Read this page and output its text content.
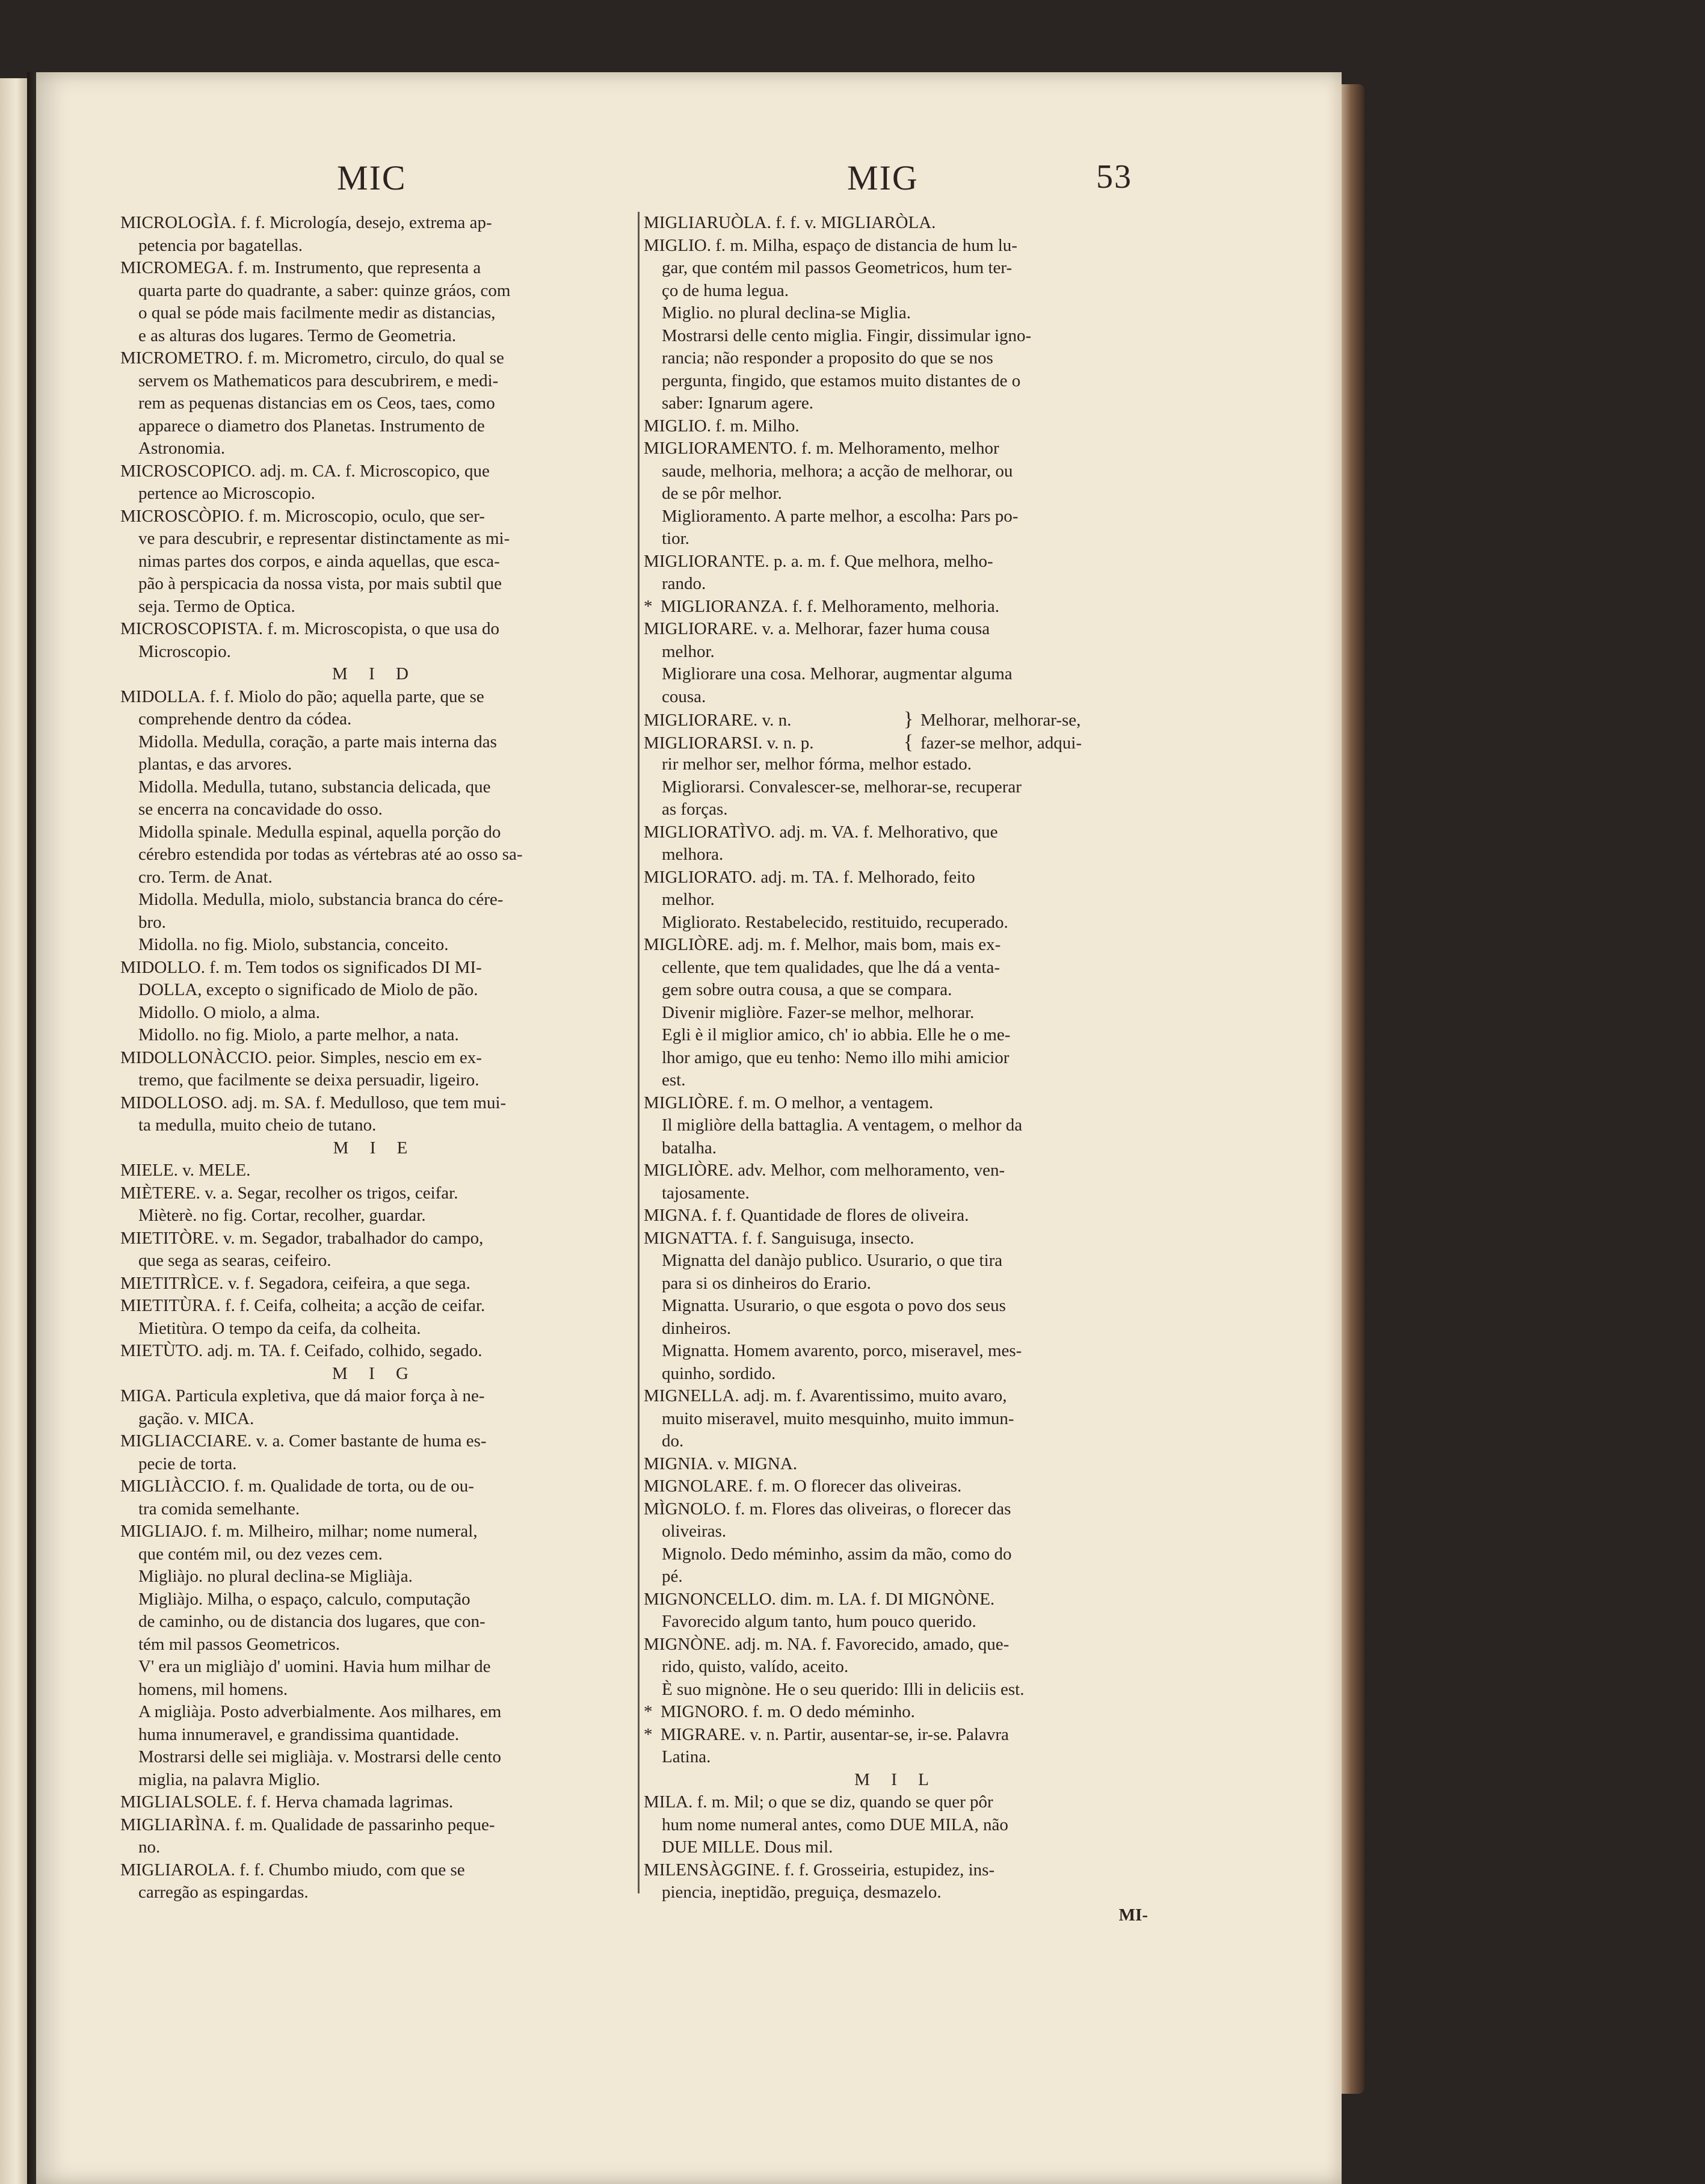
MIC	MIG	53
MICROLOGÌA. f. f. Micrología, desejo, extrema ap-
petencia por bagatellas.
MICROMEGA. f. m. Instrumento, que representa a
quarta parte do quadrante, a saber: quinze gráos, com
o qual se póde mais facilmente medir as distancias,
e as alturas dos lugares. Termo de Geometria.
MICROMETRO. f. m. Micrometro, circulo, do qual se
servem os Mathematicos para descubrirem, e medi-
rem as pequenas distancias em os Ceos, taes, como
apparece o diametro dos Planetas. Instrumento de
Astronomia.
MICROSCOPICO. adj. m. CA. f. Microscopico, que
pertence ao Microscopio.
MICROSCÒPIO. f. m. Microscopio, oculo, que ser-
ve para descubrir, e representar distinctamente as mi-
nimas partes dos corpos, e ainda aquellas, que esca-
pão à perspicacia da nossa vista, por mais subtil que
seja. Termo de Optica.
MICROSCOPISTA. f. m. Microscopista, o que usa do
Microscopio.
M I D
MIDOLLA. f. f. Miolo do pão; aquella parte, que se
comprehende dentro da códea.
Midolla. Medulla, coração, a parte mais interna das
plantas, e das arvores.
Midolla. Medulla, tutano, substancia delicada, que
se encerra na concavidade do osso.
Midolla spinale. Medulla espinal, aquella porção do
cérebro estendida por todas as vértebras até ao osso sa-
cro. Term. de Anat.
Midolla. Medulla, miolo, substancia branca do cére-
bro.
Midolla. no fig. Miolo, substancia, conceito.
MIDOLLO. f. m. Tem todos os significados DI MI-
DOLLA, excepto o significado de Miolo de pão.
Midollo. O miolo, a alma.
Midollo. no fig. Miolo, a parte melhor, a nata.
MIDOLLONÀCCIO. peior. Simples, nescio em ex-
tremo, que facilmente se deixa persuadir, ligeiro.
MIDOLLOSO. adj. m. SA. f. Medulloso, que tem mui-
ta medulla, muito cheio de tutano.
M I E
MIELE. v. MELE.
MIÈTERE. v. a. Segar, recolher os trigos, ceifar.
Mièterè. no fig. Cortar, recolher, guardar.
MIETITÒRE. v. m. Segador, trabalhador do campo,
que sega as searas, ceifeiro.
MIETITRÌCE. v. f. Segadora, ceifeira, a que sega.
MIETITÙRA. f. f. Ceifa, colheita; a acção de ceifar.
Mietitùra. O tempo da ceifa, da colheita.
MIETÙTO. adj. m. TA. f. Ceifado, colhido, segado.
M I G
MIGA. Particula expletiva, que dá maior força à ne-
gação. v. MICA.
MIGLIACCIARE. v. a. Comer bastante de huma es-
pecie de torta.
MIGLIÀCCIO. f. m. Qualidade de torta, ou de ou-
tra comida semelhante.
MIGLIAJO. f. m. Milheiro, milhar; nome numeral,
que contém mil, ou dez vezes cem.
Migliàjo. no plural declina-se Migliàja.
Migliàjo. Milha, o espaço, calculo, computação
de caminho, ou de distancia dos lugares, que con-
tém mil passos Geometricos.
V' era un migliàjo d' uomini. Havia hum milhar de
homens, mil homens.
A migliàja. Posto adverbialmente. Aos milhares, em
huma innumeravel, e grandissima quantidade.
Mostrarsi delle sei migliàja. v. Mostrarsi delle cento
miglia, na palavra Miglio.
MIGLIALSOLE. f. f. Herva chamada lagrimas.
MIGLIARÌNA. f. m. Qualidade de passarinho peque-
no.
MIGLIAROLA. f. f. Chumbo miudo, com que se
carregão as espingardas.
MIGLIARUÒLA. f. f. v. MIGLIARÒLA.
MIGLIO. f. m. Milha, espaço de distancia de hum lu-
gar, que contém mil passos Geometricos, hum ter-
ço de huma legua.
Miglio. no plural declina-se Miglia.
Mostrarsi delle cento miglia. Fingir, dissimular igno-
rancia; não responder a proposito do que se nos
pergunta, fingido, que estamos muito distantes de o
saber: Ignarum agere.
MIGLIO. f. m. Milho.
MIGLIORAMENTO. f. m. Melhoramento, melhor
saude, melhoria, melhora; a acção de melhorar, ou
de se pôr melhor.
Miglioramento. A parte melhor, a escolha: Pars po-
tior.
MIGLIORANTE. p. a. m. f. Que melhora, melho-
rando.
* MIGLIORANZA. f. f. Melhoramento, melhoria.
MIGLIORARE. v. a. Melhorar, fazer huma cousa
melhor.
Migliorare una cosa. Melhorar, augmentar alguma
cousa.
MIGLIORARE. v. n.	} Melhorar, melhorar-se,
MIGLIORARSI. v. n. p.	{ fazer-se melhor, adqui-
rir melhor ser, melhor fórma, melhor estado.
Migliorarsi. Convalescer-se, melhorar-se, recuperar
as forças.
MIGLIORATÌVO. adj. m. VA. f. Melhorativo, que
melhora.
MIGLIORATO. adj. m. TA. f. Melhorado, feito
melhor.
Migliorato. Restabelecido, restituido, recuperado.
MIGLIÒRE. adj. m. f. Melhor, mais bom, mais ex-
cellente, que tem qualidades, que lhe dá a venta-
gem sobre outra cousa, a que se compara.
Divenir migliòre. Fazer-se melhor, melhorar.
Egli è il miglior amico, ch' io abbia. Elle he o me-
lhor amigo, que eu tenho: Nemo illo mihi amicior
est.
MIGLIÒRE. f. m. O melhor, a ventagem.
Il migliòre della battaglia. A ventagem, o melhor da
batalha.
MIGLIÒRE. adv. Melhor, com melhoramento, ven-
tajosamente.
MIGNA. f. f. Quantidade de flores de oliveira.
MIGNATTA. f. f. Sanguisuga, insecto.
Mignatta del danàjo publico. Usurario, o que tira
para si os dinheiros do Erario.
Mignatta. Usurario, o que esgota o povo dos seus
dinheiros.
Mignatta. Homem avarento, porco, miseravel, mes-
quinho, sordido.
MIGNELLA. adj. m. f. Avarentissimo, muito avaro,
muito miseravel, muito mesquinho, muito immun-
do.
MIGNIA. v. MIGNA.
MIGNOLARE. f. m. O florecer das oliveiras.
MÌGNOLO. f. m. Flores das oliveiras, o florecer das
oliveiras.
Mignolo. Dedo méminho, assim da mão, como do
pé.
MIGNONCELLO. dim. m. LA. f. DI MIGNÒNE.
Favorecido algum tanto, hum pouco querido.
MIGNÒNE. adj. m. NA. f. Favorecido, amado, que-
rido, quisto, valído, aceito.
È suo mignòne. He o seu querido: Illi in deliciis est.
* MIGNORO. f. m. O dedo méminho.
* MIGRARE. v. n. Partir, ausentar-se, ir-se. Palavra
Latina.
M I L
MILA. f. m. Mil; o que se diz, quando se quer pôr
hum nome numeral antes, como DUE MILA, não
DUE MILLE. Dous mil.
MILENSÀGGINE. f. f. Grosseiria, estupidez, ins-
piencia, ineptidão, preguiça, desmazelo.
MI-
